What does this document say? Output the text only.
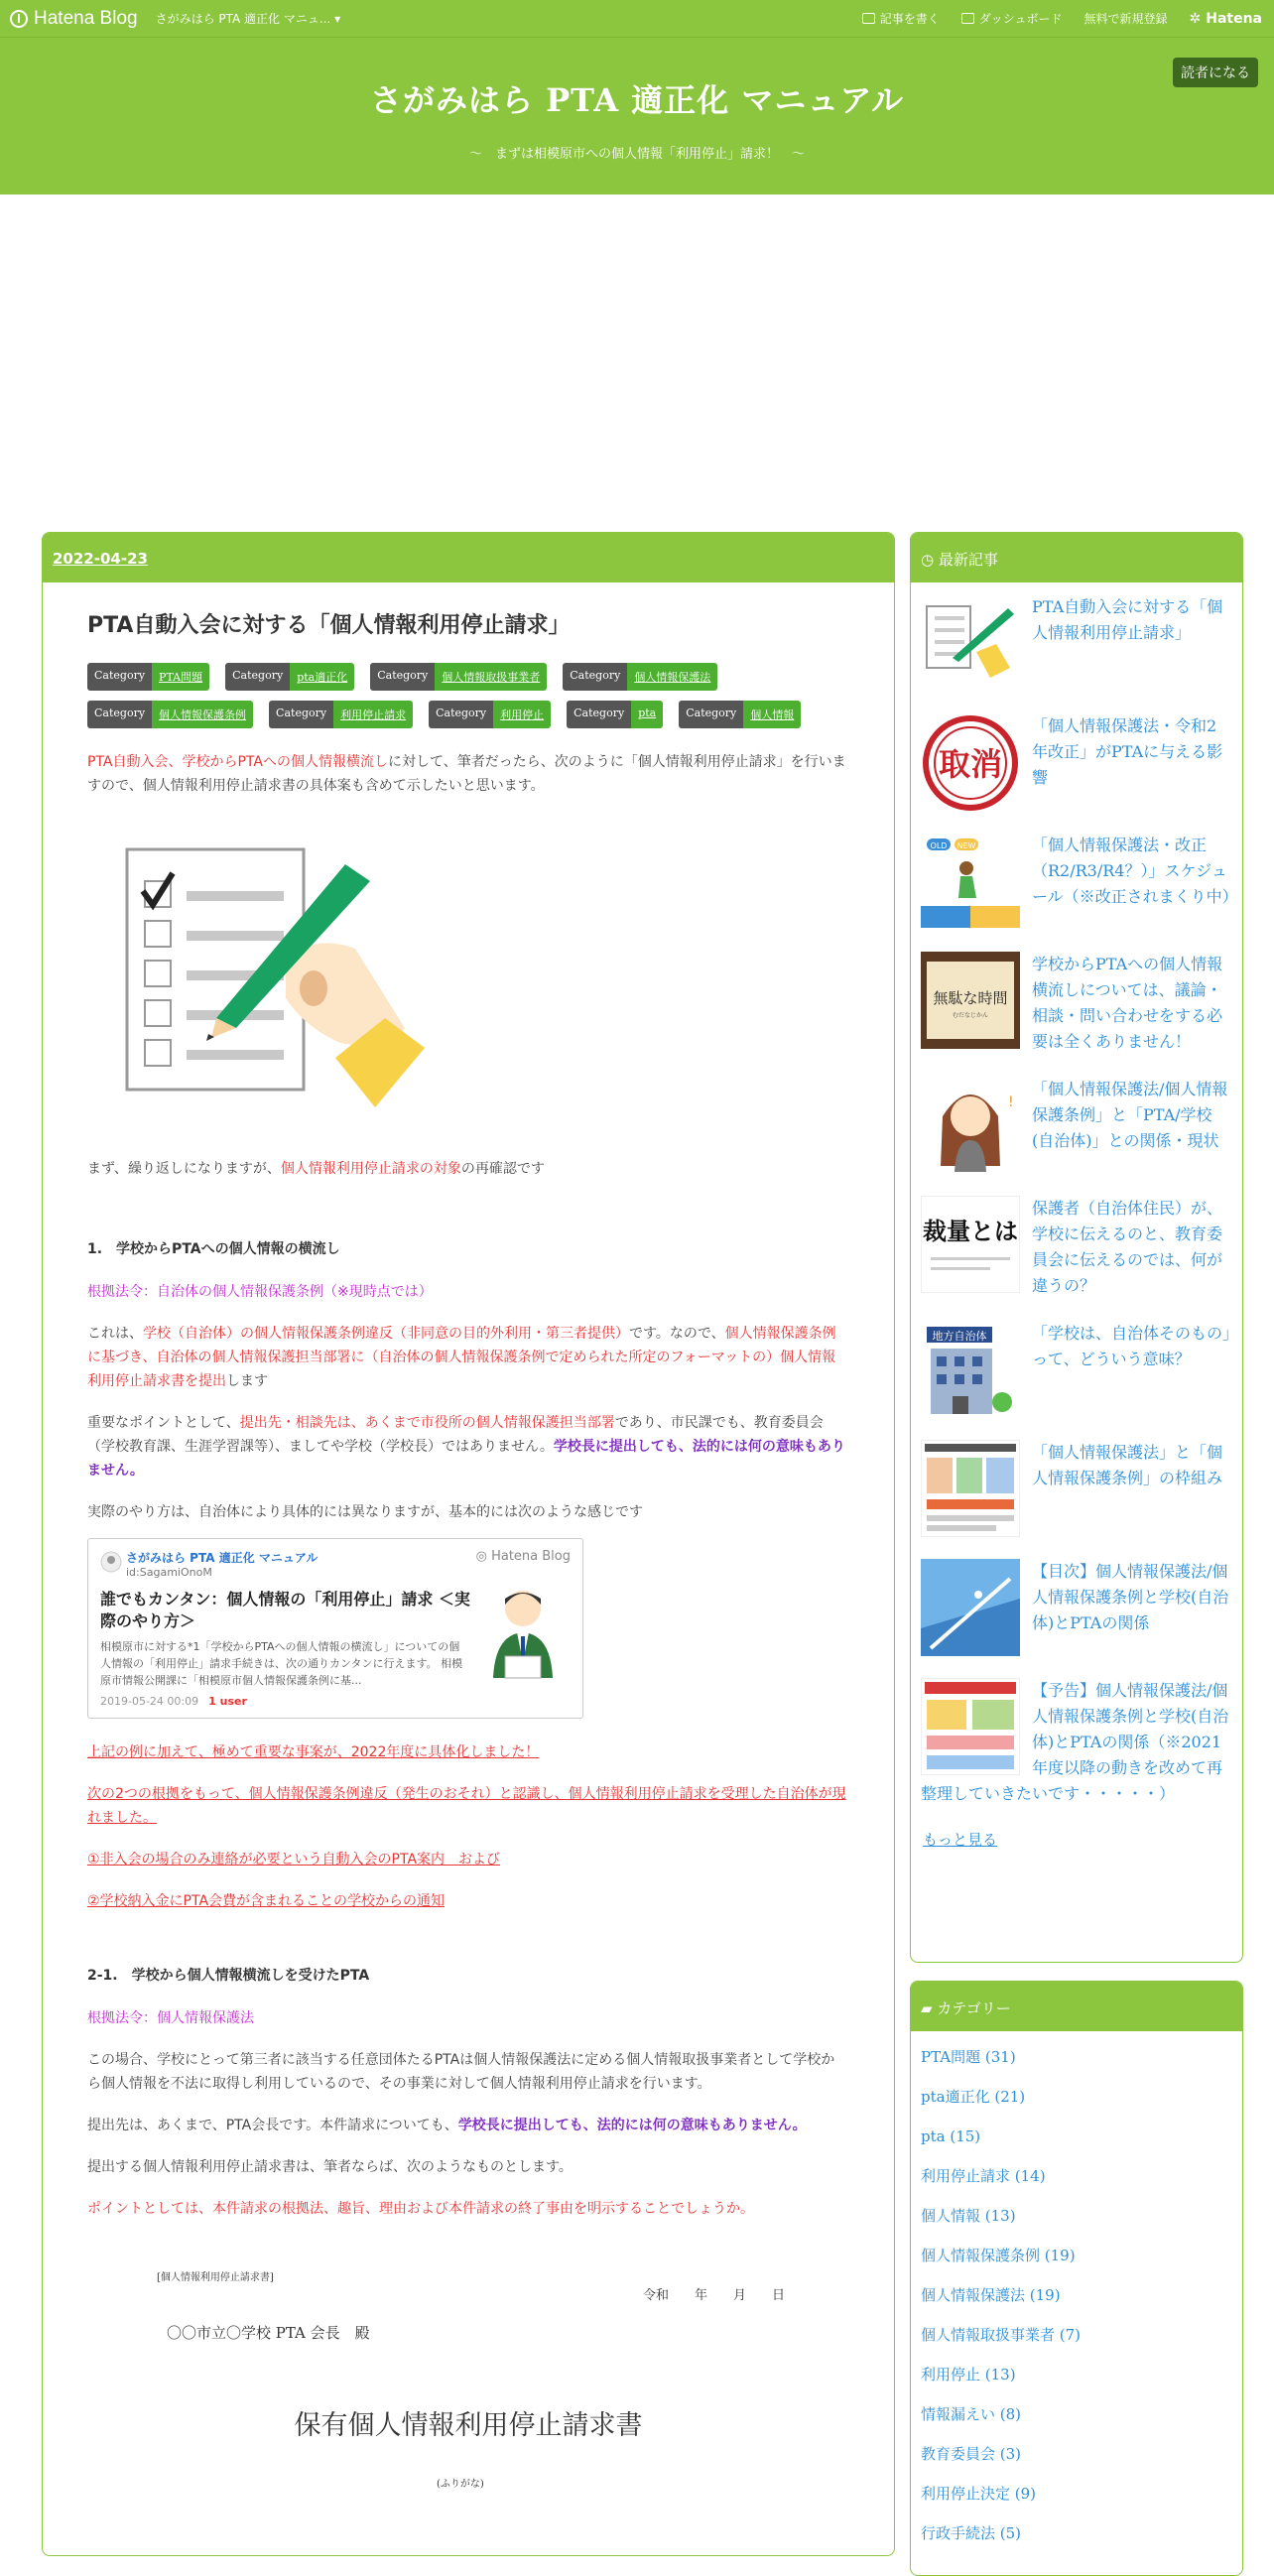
Hatena Blog さがみはら PTA 適正化 マニュ... ▾	記事を書く	ダッシュボード 無料で新規登録 ✲ Hatena
さがみはら PTA 適正化 マニュアル
～　まずは相模原市への個人情報「利用停止」請求！　～
読者になる
2022-04-23
PTA自動入会に対する「個人情報利用停止請求」
Category	PTA問題	Category	pta適正化	Category	個人情報取扱事業者	Category	個人情報保護法
Category	個人情報保護条例	Category	利用停止請求	Category	利用停止	Category	pta	Category	個人情報

PTA自動入会、学校からPTAへの個人情報横流しに対して、筆者だったら、次のように「個人情報利用停止請求」を行いますので、個人情報利用停止請求書の具体案も含めて示したいと思います。

まず、繰り返しになりますが、個人情報利用停止請求の対象の再確認です

1.　学校からPTAへの個人情報の横流し

根拠法令：自治体の個人情報保護条例（※現時点では）

これは、学校（自治体）の個人情報保護条例違反（非同意の目的外利用・第三者提供）です。なので、個人情報保護条例に基づき、自治体の個人情報保護担当部署に（自治体の個人情報保護条例で定められた所定のフォーマットの）個人情報利用停止請求書を提出します

重要なポイントとして、提出先・相談先は、あくまで市役所の個人情報保護担当部署であり、市民課でも、教育委員会（学校教育課、生涯学習課等）、ましてや学校（学校長）ではありません。学校長に提出しても、法的には何の意味もありません。

実際のやり方は、自治体により具体的には異なりますが、基本的には次のような感じです

さがみはら PTA 適正化 マニュアル
id:SagamiOnoM
◎ Hatena Blog
誰でもカンタン：個人情報の「利用停止」請求 ＜実際のやり方＞
相模原市に対する*1「学校からPTAへの個人情報の横流し」についての個人情報の「利用停止」請求手続きは、次の通りカンタンに行えます。 相模原市情報公開課に「相模原市個人情報保護条例に基...
2019-05-24 00:09 1 user

上記の例に加えて、極めて重要な事案が、2022年度に具体化しました！

次の2つの根拠をもって、個人情報保護条例違反（発生のおそれ）と認識し、個人情報利用停止請求を受理した自治体が現れました。

①非入会の場合のみ連絡が必要という自動入会のPTA案内　および

②学校納入金にPTA会費が含まれることの学校からの通知

2-1.　学校から個人情報横流しを受けたPTA

根拠法令：個人情報保護法

この場合、学校にとって第三者に該当する任意団体たるPTAは個人情報保護法に定める個人情報取扱事業者として学校から個人情報を不法に取得し利用しているので、その事業に対して個人情報利用停止請求を行います。

提出先は、あくまで、PTA会長です。本件請求についても、学校長に提出しても、法的には何の意味もありません。

提出する個人情報利用停止請求書は、筆者ならば、次のようなものとします。

ポイントとしては、本件請求の根拠法、趣旨、理由および本件請求の終了事由を明示することでしょうか。

[個人情報利用停止請求書]
令和　　年　　月　　日
〇〇市立〇学校 PTA 会長　殿
保有個人情報利用停止請求書
(ふりがな)
◷ 最新記事
PTA自動入会に対する「個人情報利用停止請求」
取消
「個人情報保護法・令和2年改正」がPTAに与える影響
OLD NEW	「個人情報保護法・改正（R2/R3/R4？）」スケジュール（※改正されまくり中）
無駄な時間
むだなじかん
学校からPTAへの個人情報横流しについては、議論・相談・問い合わせをする必要は全くありません！
!
「個人情報保護法/個人情報保護条例」と「PTA/学校(自治体)」との関係・現状
裁量とは
保護者（自治体住民）が、学校に伝えるのと、教育委員会に伝えるのでは、何が違うの？
地方自治体	「学校は、自治体そのもの」って、どういう意味？
「個人情報保護法」と「個人情報保護条例」の枠組み
【目次】個人情報保護法/個人情報保護条例と学校(自治体)とPTAの関係
【予告】個人情報保護法/個人情報保護条例と学校(自治体)とPTAの関係（※2021年度以降の動きを改めて再整理していきたいです・・・・・）
もっと見る
▰ カテゴリー
PTA問題 (31)
pta適正化 (21)
pta (15)
利用停止請求 (14)
個人情報 (13)
個人情報保護条例 (19)
個人情報保護法 (19)
個人情報取扱事業者 (7)
利用停止 (13)
情報漏えい (8)
教育委員会 (3)
利用停止決定 (9)
行政手続法 (5)
